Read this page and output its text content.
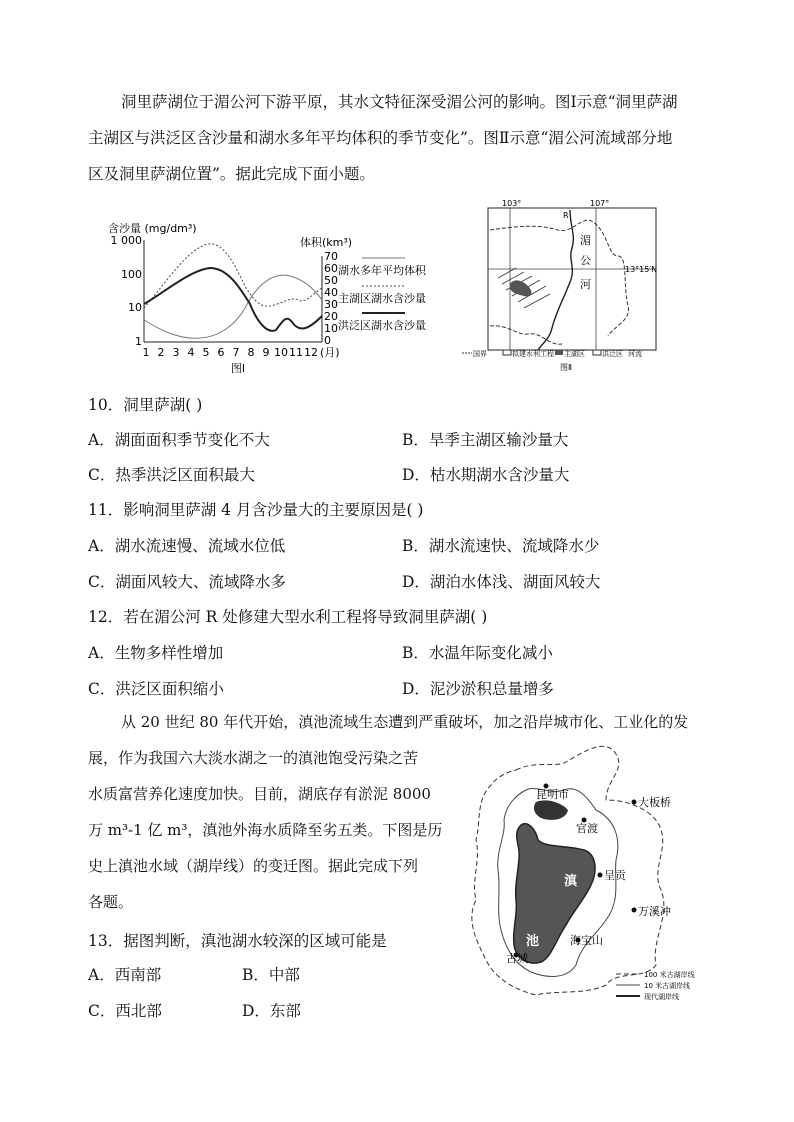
洞里萨湖位于湄公河下游平原，其水文特征深受湄公河的影响。图Ⅰ示意“洞里萨湖
主湖区与洪泛区含沙量和湖水多年平均体积的季节变化”。图Ⅱ示意“湄公河流域部分地
区及洞里萨湖位置”。据此完成下面小题。
含沙量 (mg/dm³)
体积(km³)
1 000
100
10
1
70
60
50
40
30
20
10
0
1 2 3 4 5 6 7 8 9 10 11 12 (月)
湖水多年平均体积
主湖区湖水含沙量
洪泛区湖水含沙量
图Ⅰ
103°	107°
13°15′N
湄
公
河
R
国界	拟建水利工程 主湖区 洪泛区 河流
图Ⅱ
10．洞里萨湖( )
A．湖面面积季节变化不大	B．旱季主湖区输沙量大
C．热季洪泛区面积最大	D．枯水期湖水含沙量大
11．影响洞里萨湖 4 月含沙量大的主要原因是( )
A．湖水流速慢、流域水位低	B．湖水流速快、流域降水少
C．湖面风较大、流域降水多	D．湖泊水体浅、湖面风较大
12．若在湄公河 R 处修建大型水利工程将导致洞里萨湖( )
A．生物多样性增加	B．水温年际变化减小
C．洪泛区面积缩小	D．泥沙淤积总量增多
从 20 世纪 80 年代开始，滇池流域生态遭到严重破坏，加之沿岸城市化、工业化的发
展，作为我国六大淡水湖之一的滇池饱受污染之苦
水质富营养化速度加快。目前，湖底存有淤泥 8000
万 m³-1 亿 m³，滇池外海水质降至劣五类。下图是历
史上滇池水域（湖岸线）的变迁图。据此完成下列
各题。
13．据图判断，滇池湖水较深的区域可能是
A．西南部	B．中部
C．西北部	D．东部
昆明市
官渡
大板桥
滇 呈贡
万溪冲
池	海宝山
古城
100 米古湖岸线
10 米古湖岸线
现代湖岸线
